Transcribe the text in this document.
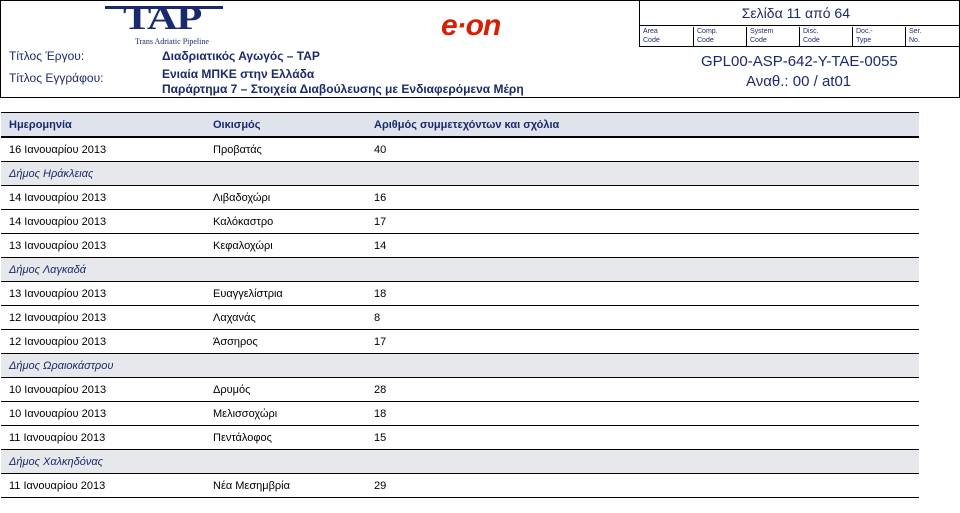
TAP
Trans Adriatic Pipeline	e·on
Τίτλος Έργου:	Διαδριατικός Αγωγός – TAP
Τίτλος Εγγράφου:	Ενιαία ΜΠΚΕ στην Ελλάδα
Παράρτημα 7 – Στοιχεία Διαβούλευσης με Ενδιαφερόμενα Μέρη
Σελίδα 11 από 64
Area
Code
Comp.
Code
System
Code
Disc.
Code
Doc.-
Type
Ser.
No.
GPL00-ASP-642-Y-TAE-0055
Αναθ.: 00 / at01
Ημερομηνία	Οικισμός	Αριθμός συμμετεχόντων και σχόλια
16 Ιανουαρίου 2013	Προβατάς	40
Δήμος Ηράκλειας
14 Ιανουαρίου 2013	Λιβαδοχώρι	16
14 Ιανουαρίου 2013	Καλόκαστρο	17
13 Ιανουαρίου 2013	Κεφαλοχώρι	14
Δήμος Λαγκαδά
13 Ιανουαρίου 2013	Ευαγγελίστρια	18
12 Ιανουαρίου 2013	Λαχανάς	8
12 Ιανουαρίου 2013	Άσσηρος	17
Δήμος Ωραιοκάστρου
10 Ιανουαρίου 2013	Δρυμός	28
10 Ιανουαρίου 2013	Μελισσοχώρι	18
11 Ιανουαρίου 2013	Πεντάλοφος	15
Δήμος Χαλκηδόνας
11 Ιανουαρίου 2013	Νέα Μεσημβρία	29
